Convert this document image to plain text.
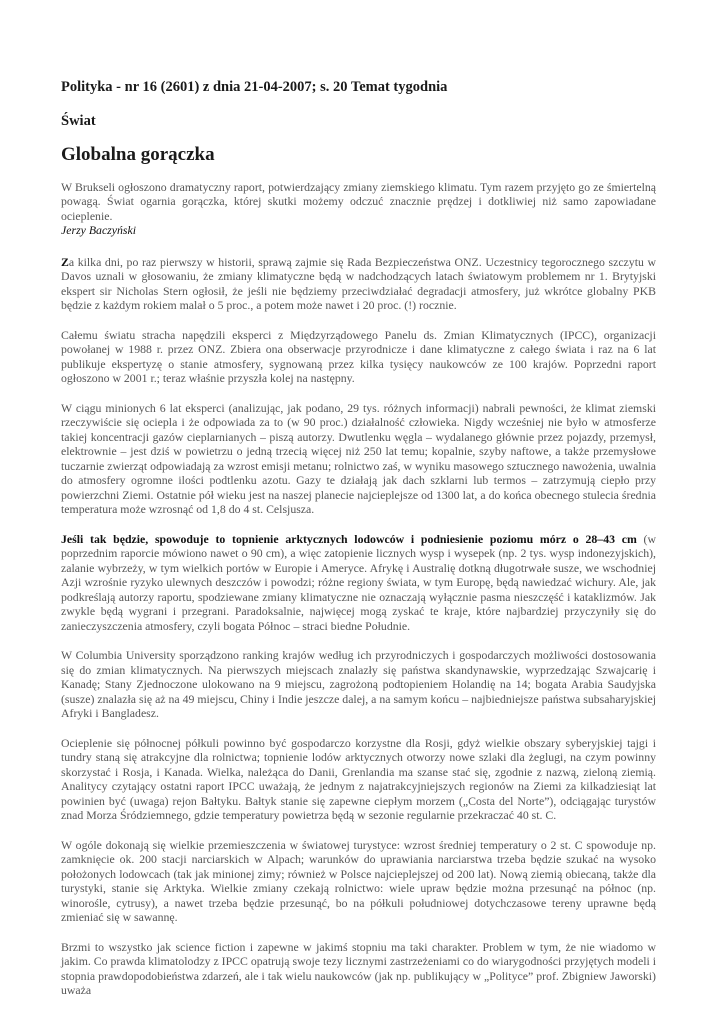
Polityka - nr 16 (2601) z dnia 21-04-2007; s. 20 Temat tygodnia

Świat

Globalna gorączka

W Brukseli ogłoszono dramatyczny raport, potwierdzający zmiany ziemskiego klimatu. Tym razem przyjęto go ze śmiertelną powagą. Świat ogarnia gorączka, której skutki możemy odczuć znacznie prędzej i dotkliwiej niż samo zapowiadane ocieplenie.

Jerzy Baczyński

Za kilka dni, po raz pierwszy w historii, sprawą zajmie się Rada Bezpieczeństwa ONZ. Uczestnicy tegorocznego szczytu w Davos uznali w głosowaniu, że zmiany klimatyczne będą w nadchodzących latach światowym problemem nr 1. Brytyjski ekspert sir Nicholas Stern ogłosił, że jeśli nie będziemy przeciwdziałać degradacji atmosfery, już wkrótce globalny PKB będzie z każdym rokiem malał o 5 proc., a potem może nawet i 20 proc. (!) rocznie.

Całemu światu stracha napędzili eksperci z Międzyrządowego Panelu ds. Zmian Klimatycznych (IPCC), organizacji powołanej w 1988 r. przez ONZ. Zbiera ona obserwacje przyrodnicze i dane klimatyczne z całego świata i raz na 6 lat publikuje ekspertyzę o stanie atmosfery, sygnowaną przez kilka tysięcy naukowców ze 100 krajów. Poprzedni raport ogłoszono w 2001 r.; teraz właśnie przyszła kolej na następny.

W ciągu minionych 6 lat eksperci (analizując, jak podano, 29 tys. różnych informacji) nabrali pewności, że klimat ziemski rzeczywiście się ociepla i że odpowiada za to (w 90 proc.) działalność człowieka. Nigdy wcześniej nie było w atmosferze takiej koncentracji gazów cieplarnianych – piszą autorzy. Dwutlenku węgla – wydalanego głównie przez pojazdy, przemysł, elektrownie – jest dziś w powietrzu o jedną trzecią więcej niż 250 lat temu; kopalnie, szyby naftowe, a także przemysłowe tuczarnie zwierząt odpowiadają za wzrost emisji metanu; rolnictwo zaś, w wyniku masowego sztucznego nawożenia, uwalnia do atmosfery ogromne ilości podtlenku azotu. Gazy te działają jak dach szklarni lub termos – zatrzymują ciepło przy powierzchni Ziemi. Ostatnie pół wieku jest na naszej planecie najcieplejsze od 1300 lat, a do końca obecnego stulecia średnia temperatura może wzrosnąć od 1,8 do 4 st. Celsjusza.

Jeśli tak będzie, spowoduje to topnienie arktycznych lodowców i podniesienie poziomu mórz o 28–43 cm (w poprzednim raporcie mówiono nawet o 90 cm), a więc zatopienie licznych wysp i wysepek (np. 2 tys. wysp indonezyjskich), zalanie wybrzeży, w tym wielkich portów w Europie i Ameryce. Afrykę i Australię dotkną długotrwałe susze, we wschodniej Azji wzrośnie ryzyko ulewnych deszczów i powodzi; różne regiony świata, w tym Europę, będą nawiedzać wichury. Ale, jak podkreślają autorzy raportu, spodziewane zmiany klimatyczne nie oznaczają wyłącznie pasma nieszczęść i kataklizmów. Jak zwykle będą wygrani i przegrani. Paradoksalnie, najwięcej mogą zyskać te kraje, które najbardziej przyczyniły się do zanieczyszczenia atmosfery, czyli bogata Północ – straci biedne Południe.

W Columbia University sporządzono ranking krajów według ich przyrodniczych i gospodarczych możliwości dostosowania się do zmian klimatycznych. Na pierwszych miejscach znalazły się państwa skandynawskie, wyprzedzając Szwajcarię i Kanadę; Stany Zjednoczone ulokowano na 9 miejscu, zagrożoną podtopieniem Holandię na 14; bogata Arabia Saudyjska (susze) znalazła się aż na 49 miejscu, Chiny i Indie jeszcze dalej, a na samym końcu – najbiedniejsze państwa subsaharyjskiej Afryki i Bangladesz.

Ocieplenie się północnej półkuli powinno być gospodarczo korzystne dla Rosji, gdyż wielkie obszary syberyjskiej tajgi i tundry staną się atrakcyjne dla rolnictwa; topnienie lodów arktycznych otworzy nowe szlaki dla żeglugi, na czym powinny skorzystać i Rosja, i Kanada. Wielka, należąca do Danii, Grenlandia ma szanse stać się, zgodnie z nazwą, zieloną ziemią. Analitycy czytający ostatni raport IPCC uważają, że jednym z najatrakcyjniejszych regionów na Ziemi za kilkadziesiąt lat powinien być (uwaga) rejon Bałtyku. Bałtyk stanie się zapewne ciepłym morzem („Costa del Norte”), odciągając turystów znad Morza Śródziemnego, gdzie temperatury powietrza będą w sezonie regularnie przekraczać 40 st. C.

W ogóle dokonają się wielkie przemieszczenia w światowej turystyce: wzrost średniej temperatury o 2 st. C spowoduje np. zamknięcie ok. 200 stacji narciarskich w Alpach; warunków do uprawiania narciarstwa trzeba będzie szukać na wysoko położonych lodowcach (tak jak minionej zimy; również w Polsce najcieplejszej od 200 lat). Nową ziemią obiecaną, także dla turystyki, stanie się Arktyka. Wielkie zmiany czekają rolnictwo: wiele upraw będzie można przesunąć na północ (np. winorośle, cytrusy), a nawet trzeba będzie przesunąć, bo na półkuli południowej dotychczasowe tereny uprawne będą zmieniać się w sawannę.

Brzmi to wszystko jak science fiction i zapewne w jakimś stopniu ma taki charakter. Problem w tym, że nie wiadomo w jakim. Co prawda klimatolodzy z IPCC opatrują swoje tezy licznymi zastrzeżeniami co do wiarygodności przyjętych modeli i stopnia prawdopodobieństwa zdarzeń, ale i tak wielu naukowców (jak np. publikujący w „Polityce” prof. Zbigniew Jaworski) uważa
